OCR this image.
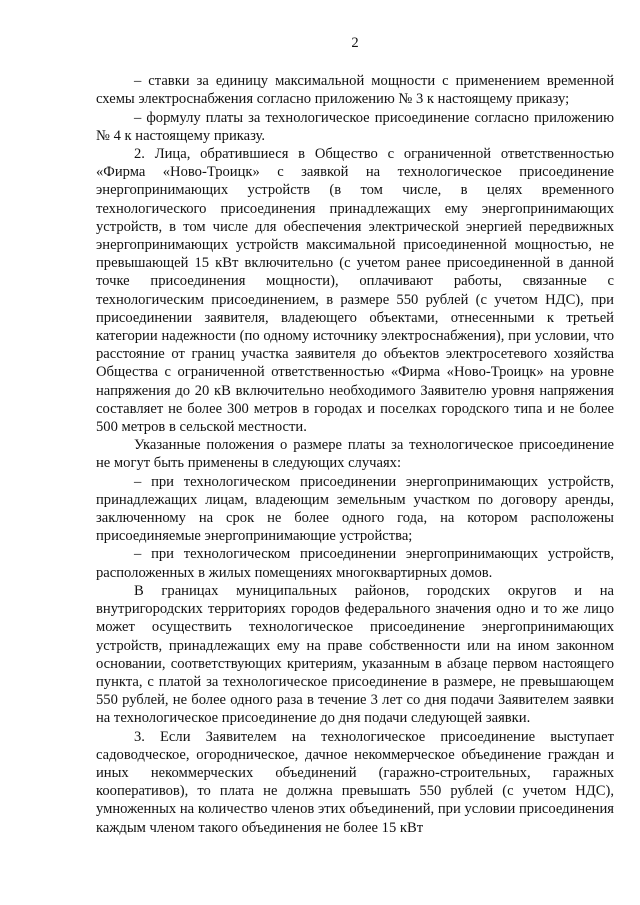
2

– ставки за единицу максимальной мощности с применением временной схемы электроснабжения согласно приложению № 3 к настоящему приказу;

– формулу платы за технологическое присоединение согласно приложению № 4 к настоящему приказу.

2. Лица, обратившиеся в Общество с ограниченной ответственностью «Фирма «Ново-Троицк» с заявкой на технологическое присоединение энергопринимающих устройств (в том числе, в целях временного технологического присоединения принадлежащих ему энергопринимающих устройств, в том числе для обеспечения электрической энергией передвижных энергопринимающих устройств максимальной присоединенной мощностью, не превышающей 15 кВт включительно (с учетом ранее присоединенной в данной точке присоединения мощности), оплачивают работы, связанные с технологическим присоединением, в размере 550 рублей (с учетом НДС), при присоединении заявителя, владеющего объектами, отнесенными к третьей категории надежности (по одному источнику электроснабжения), при условии, что расстояние от границ участка заявителя до объектов электросетевого хозяйства Общества с ограниченной ответственностью «Фирма «Ново-Троицк» на уровне напряжения до 20 кВ включительно необходимого Заявителю уровня напряжения составляет не более 300 метров в городах и поселках городского типа и не более 500 метров в сельской местности.

Указанные положения о размере платы за технологическое присоединение не могут быть применены в следующих случаях:

– при технологическом присоединении энергопринимающих устройств, принадлежащих лицам, владеющим земельным участком по договору аренды, заключенному на срок не более одного года, на котором расположены присоединяемые энергопринимающие устройства;

– при технологическом присоединении энергопринимающих устройств, расположенных в жилых помещениях многоквартирных домов.

В границах муниципальных районов, городских округов и на внутригородских территориях городов федерального значения одно и то же лицо может осуществить технологическое присоединение энергопринимающих устройств, принадлежащих ему на праве собственности или на ином законном основании, соответствующих критериям, указанным в абзаце первом настоящего пункта, с платой за технологическое присоединение в размере, не превышающем 550 рублей, не более одного раза в течение 3 лет со дня подачи Заявителем заявки на технологическое присоединение до дня подачи следующей заявки.

3. Если Заявителем на технологическое присоединение выступает садоводческое, огородническое, дачное некоммерческое объединение граждан и иных некоммерческих объединений (гаражно-строительных, гаражных кооперативов), то плата не должна превышать 550 рублей (с учетом НДС), умноженных на количество членов этих объединений, при условии присоединения каждым членом такого объединения не более 15 кВт
